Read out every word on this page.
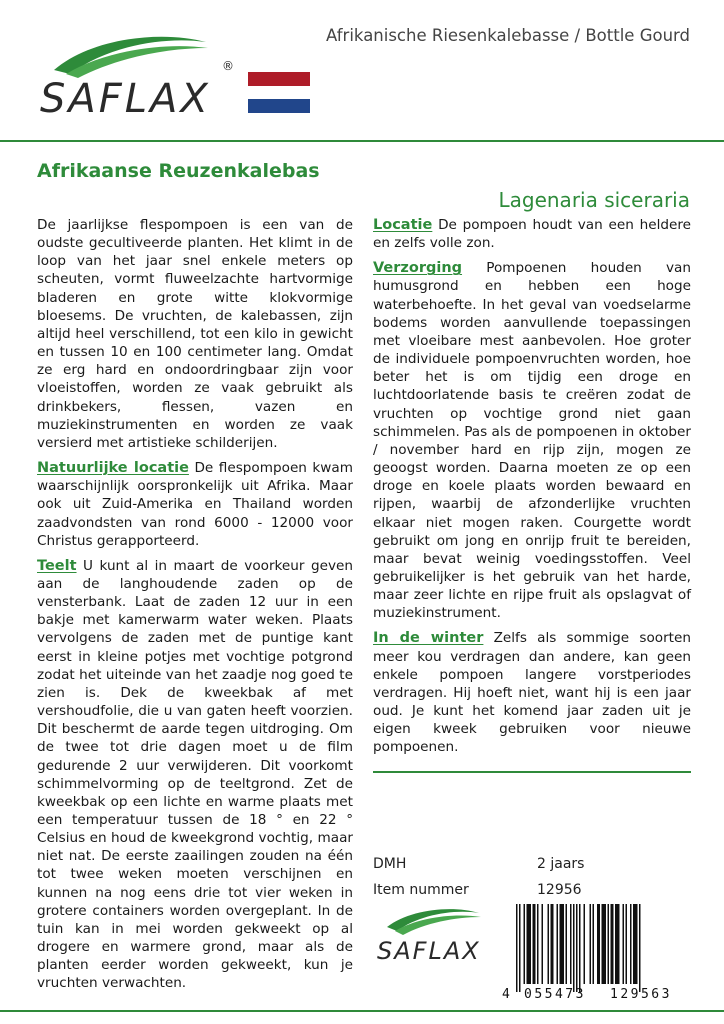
SAFLAX
®
Afrikanische Riesenkalebasse / Bottle Gourd
Afrikaanse Reuzenkalebas
Lagenaria siceraria

De jaarlijkse flespompoen is een van de oudste gecultiveerde planten. Het klimt in de loop van het jaar snel enkele meters op scheuten, vormt fluweelzachte hartvormige bladeren en grote witte klokvormige bloesems. De vruchten, de kalebassen, zijn altijd heel verschillend, tot een kilo in gewicht en tussen 10 en 100 centimeter lang. Omdat ze erg hard en ondoordringbaar zijn voor vloeistoffen, worden ze vaak gebruikt als drinkbekers, flessen, vazen en muziekinstrumenten en worden ze vaak versierd met artistieke schilderijen.

Natuurlijke locatie De flespompoen kwam waarschijnlijk oorspronkelijk uit Afrika. Maar ook uit Zuid-Amerika en Thailand worden zaadvondsten van rond 6000 - 12000 voor Christus gerapporteerd.

Teelt U kunt al in maart de voorkeur geven aan de langhoudende zaden op de vensterbank. Laat de zaden 12 uur in een bakje met kamerwarm water weken. Plaats vervolgens de zaden met de puntige kant eerst in kleine potjes met vochtige potgrond zodat het uiteinde van het zaadje nog goed te zien is. Dek de kweekbak af met vershoudfolie, die u van gaten heeft voorzien. Dit beschermt de aarde tegen uitdroging. Om de twee tot drie dagen moet u de film gedurende 2 uur verwijderen. Dit voorkomt schimmelvorming op de teeltgrond. Zet de kweekbak op een lichte en warme plaats met een temperatuur tussen de 18 ° en 22 ° Celsius en houd de kweekgrond vochtig, maar niet nat. De eerste zaailingen zouden na één tot twee weken moeten verschijnen en kunnen na nog eens drie tot vier weken in grotere containers worden overgeplant. In de tuin kan in mei worden gekweekt op al drogere en warmere grond, maar als de planten eerder worden gekweekt, kun je vruchten verwachten.

Locatie De pompoen houdt van een heldere en zelfs volle zon.

Verzorging Pompoenen houden van humusgrond en hebben een hoge waterbehoefte. In het geval van voedselarme bodems worden aanvullende toepassingen met vloeibare mest aanbevolen. Hoe groter de individuele pompoenvruchten worden, hoe beter het is om tijdig een droge en luchtdoorlatende basis te creëren zodat de vruchten op vochtige grond niet gaan schimmelen. Pas als de pompoenen in oktober / november hard en rijp zijn, mogen ze geoogst worden. Daarna moeten ze op een droge en koele plaats worden bewaard en rijpen, waarbij de afzonderlijke vruchten elkaar niet mogen raken. Courgette wordt gebruikt om jong en onrijp fruit te bereiden, maar bevat weinig voedingsstoffen. Veel gebruikelijker is het gebruik van het harde, maar zeer lichte en rijpe fruit als opslagvat of muziekinstrument.

In de winter Zelfs als sommige soorten meer kou verdragen dan andere, kan geen enkele pompoen langere vorstperiodes verdragen. Hij hoeft niet, want hij is een jaar oud. Je kunt het komend jaar zaden uit je eigen kweek gebruiken voor nieuwe pompoenen.

DMH	2 jaars
Item nummer	12956
SAFLAX
4 055473 129563
